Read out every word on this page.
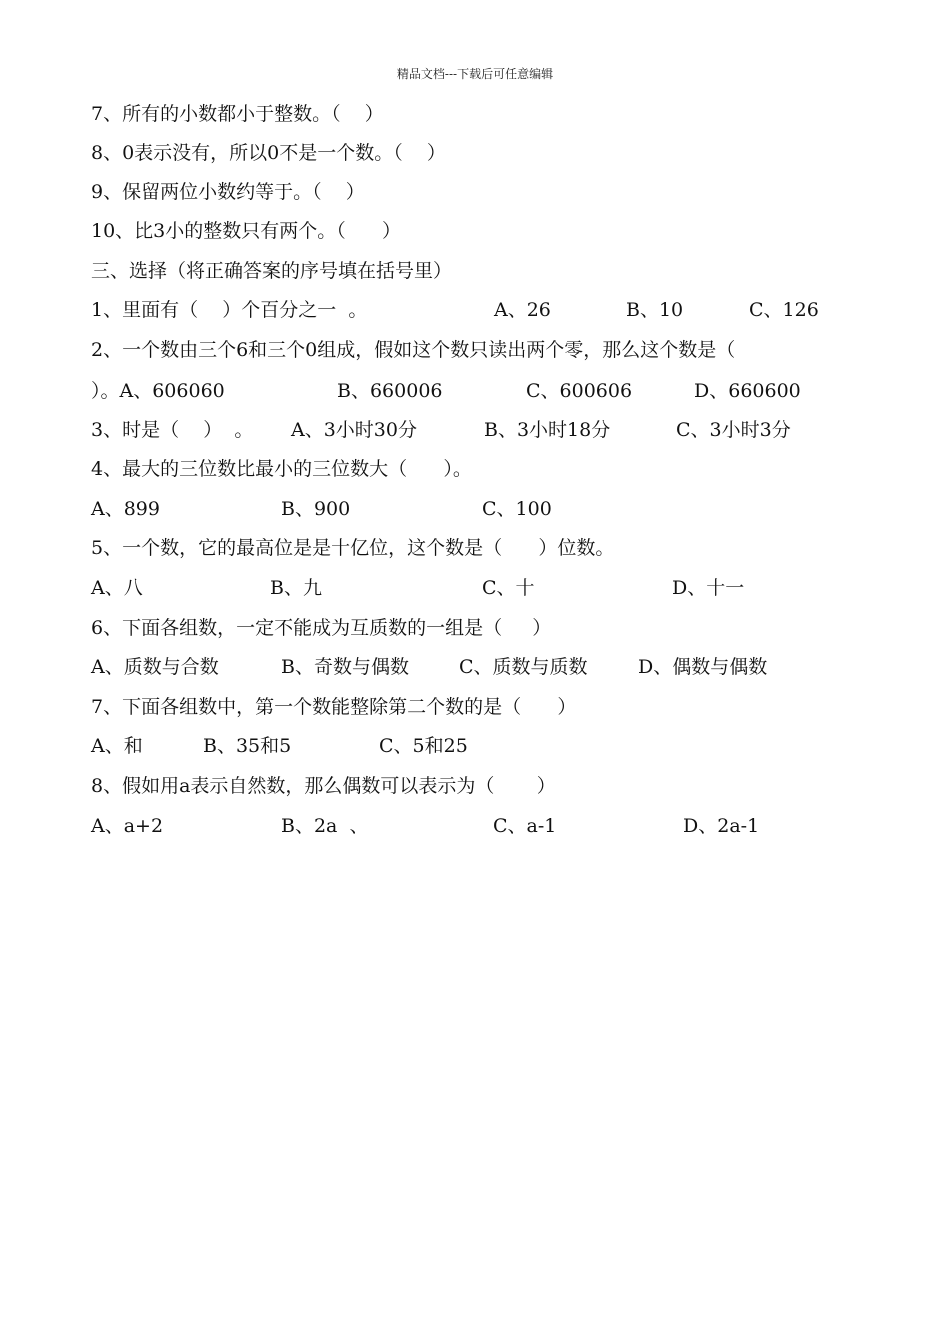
精品文档---下载后可任意编辑
7、所有的小数都小于整数。（    ）
8、0表示没有，所以0不是一个数。（    ）
9、保留两位小数约等于。（    ）
10、比3小的整数只有两个。（      ）
三、选择（将正确答案的序号填在括号里）
1、里面有（    ）个百分之一  。	A、26	B、10	C、126
2、一个数由三个6和三个0组成，假如这个数只读出两个零，那么这个数是（
）。A、606060	B、660006	C、600606	D、660600
3、时是（    ）  。 A、3小时30分	B、3小时18分	C、3小时3分
4、最大的三位数比最小的三位数大（      ）。
A、899	B、900	C、100
5、一个数，它的最高位是是十亿位，这个数是（      ）位数。
A、八	B、九	C、十	D、十一
6、下面各组数，一定不能成为互质数的一组是（     ）
A、质数与合数	B、奇数与偶数	C、质数与质数	D、偶数与偶数
7、下面各组数中，第一个数能整除第二个数的是（      ）
A、和	B、35和5	C、5和25
8、假如用a表示自然数，那么偶数可以表示为（       ）
A、a+2	B、2a  、	C、a-1	D、2a-1
